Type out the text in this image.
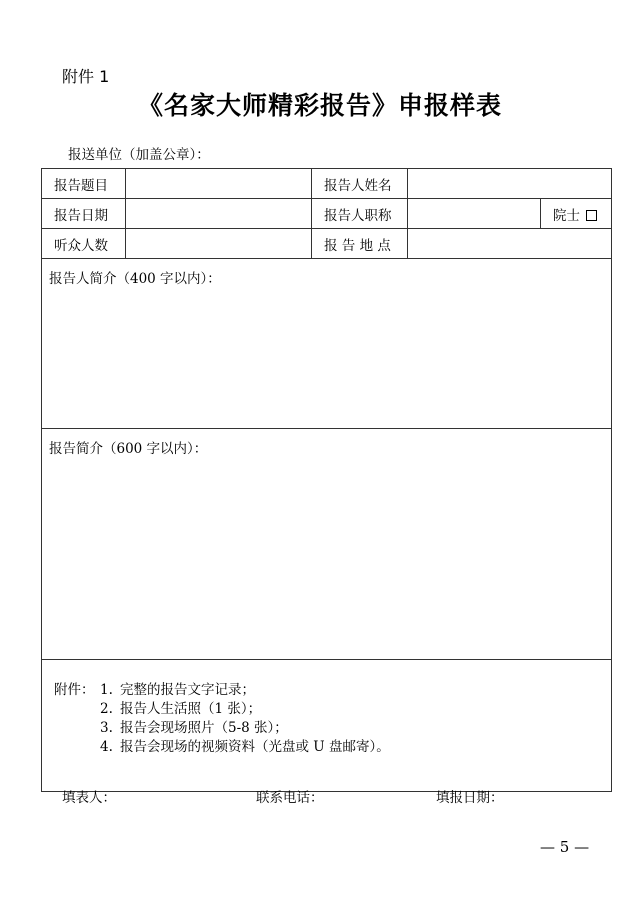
附件 1
《名家大师精彩报告》申报样表
报送单位（加盖公章）：
报告题目		报告人姓名		
报告日期		报告人职称		院士
听众人数		报 告 地 点		
报告人简介（400 字以内）：				
报告简介（600 字以内）：				

附件： 1. 完整的报告文字记录；
2. 报告人生活照（1 张）；
3. 报告会现场照片（5-8 张）；
4. 报告会现场的视频资料（光盘或 U 盘邮寄）。				
填表人：	联系电话：	填报日期：
— 5 —
